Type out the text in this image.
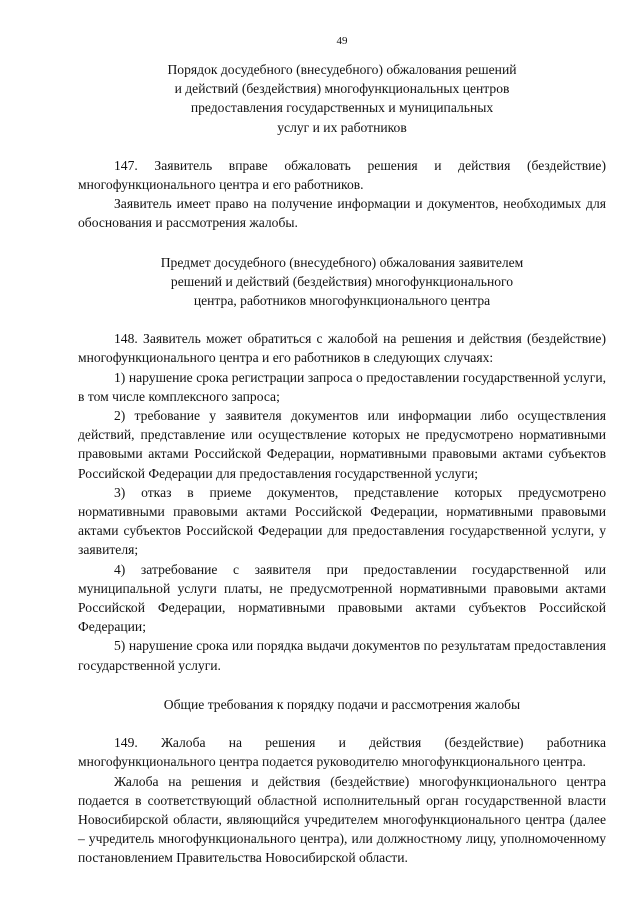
49
Порядок досудебного (внесудебного) обжалования решений
и действий (бездействия) многофункциональных центров
предоставления государственных и муниципальных
услуг и их работников

147. Заявитель вправе обжаловать решения и действия (бездействие) многофункционального центра и его работников.

Заявитель имеет право на получение информации и документов, необходимых для обоснования и рассмотрения жалобы.

Предмет досудебного (внесудебного) обжалования заявителем
решений и действий (бездействия) многофункционального
центра, работников многофункционального центра

148. Заявитель может обратиться с жалобой на решения и действия (бездействие) многофункционального центра и его работников в следующих случаях:

1) нарушение срока регистрации запроса о предоставлении государственной услуги, в том числе комплексного запроса;

2) требование у заявителя документов или информации либо осуществления действий, представление или осуществление которых не предусмотрено нормативными правовыми актами Российской Федерации, нормативными правовыми актами субъектов Российской Федерации для предоставления государственной услуги;

3) отказ в приеме документов, представление которых предусмотрено нормативными правовыми актами Российской Федерации, нормативными правовыми актами субъектов Российской Федерации для предоставления государственной услуги, у заявителя;

4) затребование с заявителя при предоставлении государственной или муниципальной услуги платы, не предусмотренной нормативными правовыми актами Российской Федерации, нормативными правовыми актами субъектов Российской Федерации;

5) нарушение срока или порядка выдачи документов по результатам предоставления государственной услуги.

Общие требования к порядку подачи и рассмотрения жалобы

149. Жалоба на решения и действия (бездействие) работника многофункционального центра подается руководителю многофункционального центра.

Жалоба на решения и действия (бездействие) многофункционального центра подается в соответствующий областной исполнительный орган государственной власти Новосибирской области, являющийся учредителем многофункционального центра (далее – учредитель многофункционального центра), или должностному лицу, уполномоченному постановлением Правительства Новосибирской области.
